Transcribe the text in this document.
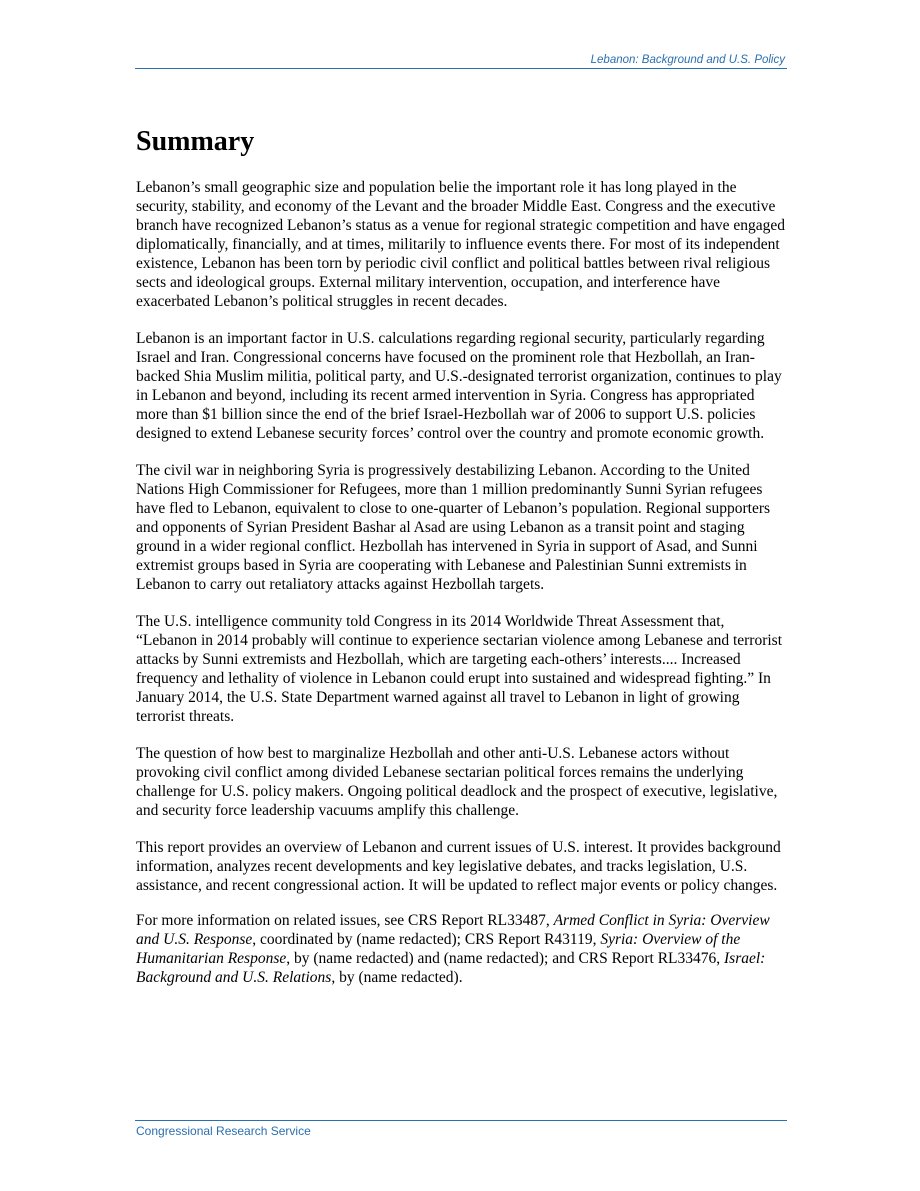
Lebanon: Background and U.S. Policy
Summary

Lebanon’s small geographic size and population belie the important role it has long played in the security, stability, and economy of the Levant and the broader Middle East. Congress and the executive branch have recognized Lebanon’s status as a venue for regional strategic competition and have engaged diplomatically, financially, and at times, militarily to influence events there. For most of its independent existence, Lebanon has been torn by periodic civil conflict and political battles between rival religious sects and ideological groups. External military intervention, occupation, and interference have exacerbated Lebanon’s political struggles in recent decades.

Lebanon is an important factor in U.S. calculations regarding regional security, particularly regarding Israel and Iran. Congressional concerns have focused on the prominent role that Hezbollah, an Iran-backed Shia Muslim militia, political party, and U.S.-designated terrorist organization, continues to play in Lebanon and beyond, including its recent armed intervention in Syria. Congress has appropriated more than $1 billion since the end of the brief Israel-Hezbollah war of 2006 to support U.S. policies designed to extend Lebanese security forces’ control over the country and promote economic growth.

The civil war in neighboring Syria is progressively destabilizing Lebanon. According to the United Nations High Commissioner for Refugees, more than 1 million predominantly Sunni Syrian refugees have fled to Lebanon, equivalent to close to one-quarter of Lebanon’s population. Regional supporters and opponents of Syrian President Bashar al Asad are using Lebanon as a transit point and staging ground in a wider regional conflict. Hezbollah has intervened in Syria in support of Asad, and Sunni extremist groups based in Syria are cooperating with Lebanese and Palestinian Sunni extremists in Lebanon to carry out retaliatory attacks against Hezbollah targets.

The U.S. intelligence community told Congress in its 2014 Worldwide Threat Assessment that, “Lebanon in 2014 probably will continue to experience sectarian violence among Lebanese and terrorist attacks by Sunni extremists and Hezbollah, which are targeting each-others’ interests.... Increased frequency and lethality of violence in Lebanon could erupt into sustained and widespread fighting.” In January 2014, the U.S. State Department warned against all travel to Lebanon in light of growing terrorist threats.

The question of how best to marginalize Hezbollah and other anti-U.S. Lebanese actors without provoking civil conflict among divided Lebanese sectarian political forces remains the underlying challenge for U.S. policy makers. Ongoing political deadlock and the prospect of executive, legislative, and security force leadership vacuums amplify this challenge.

This report provides an overview of Lebanon and current issues of U.S. interest. It provides background information, analyzes recent developments and key legislative debates, and tracks legislation, U.S. assistance, and recent congressional action. It will be updated to reflect major events or policy changes.

For more information on related issues, see CRS Report RL33487, Armed Conflict in Syria: Overview and U.S. Response, coordinated by (name redacted); CRS Report R43119, Syria: Overview of the Humanitarian Response, by (name redacted) and (name redacted); and CRS Report RL33476, Israel: Background and U.S. Relations, by (name redacted).

Congressional Research Service
